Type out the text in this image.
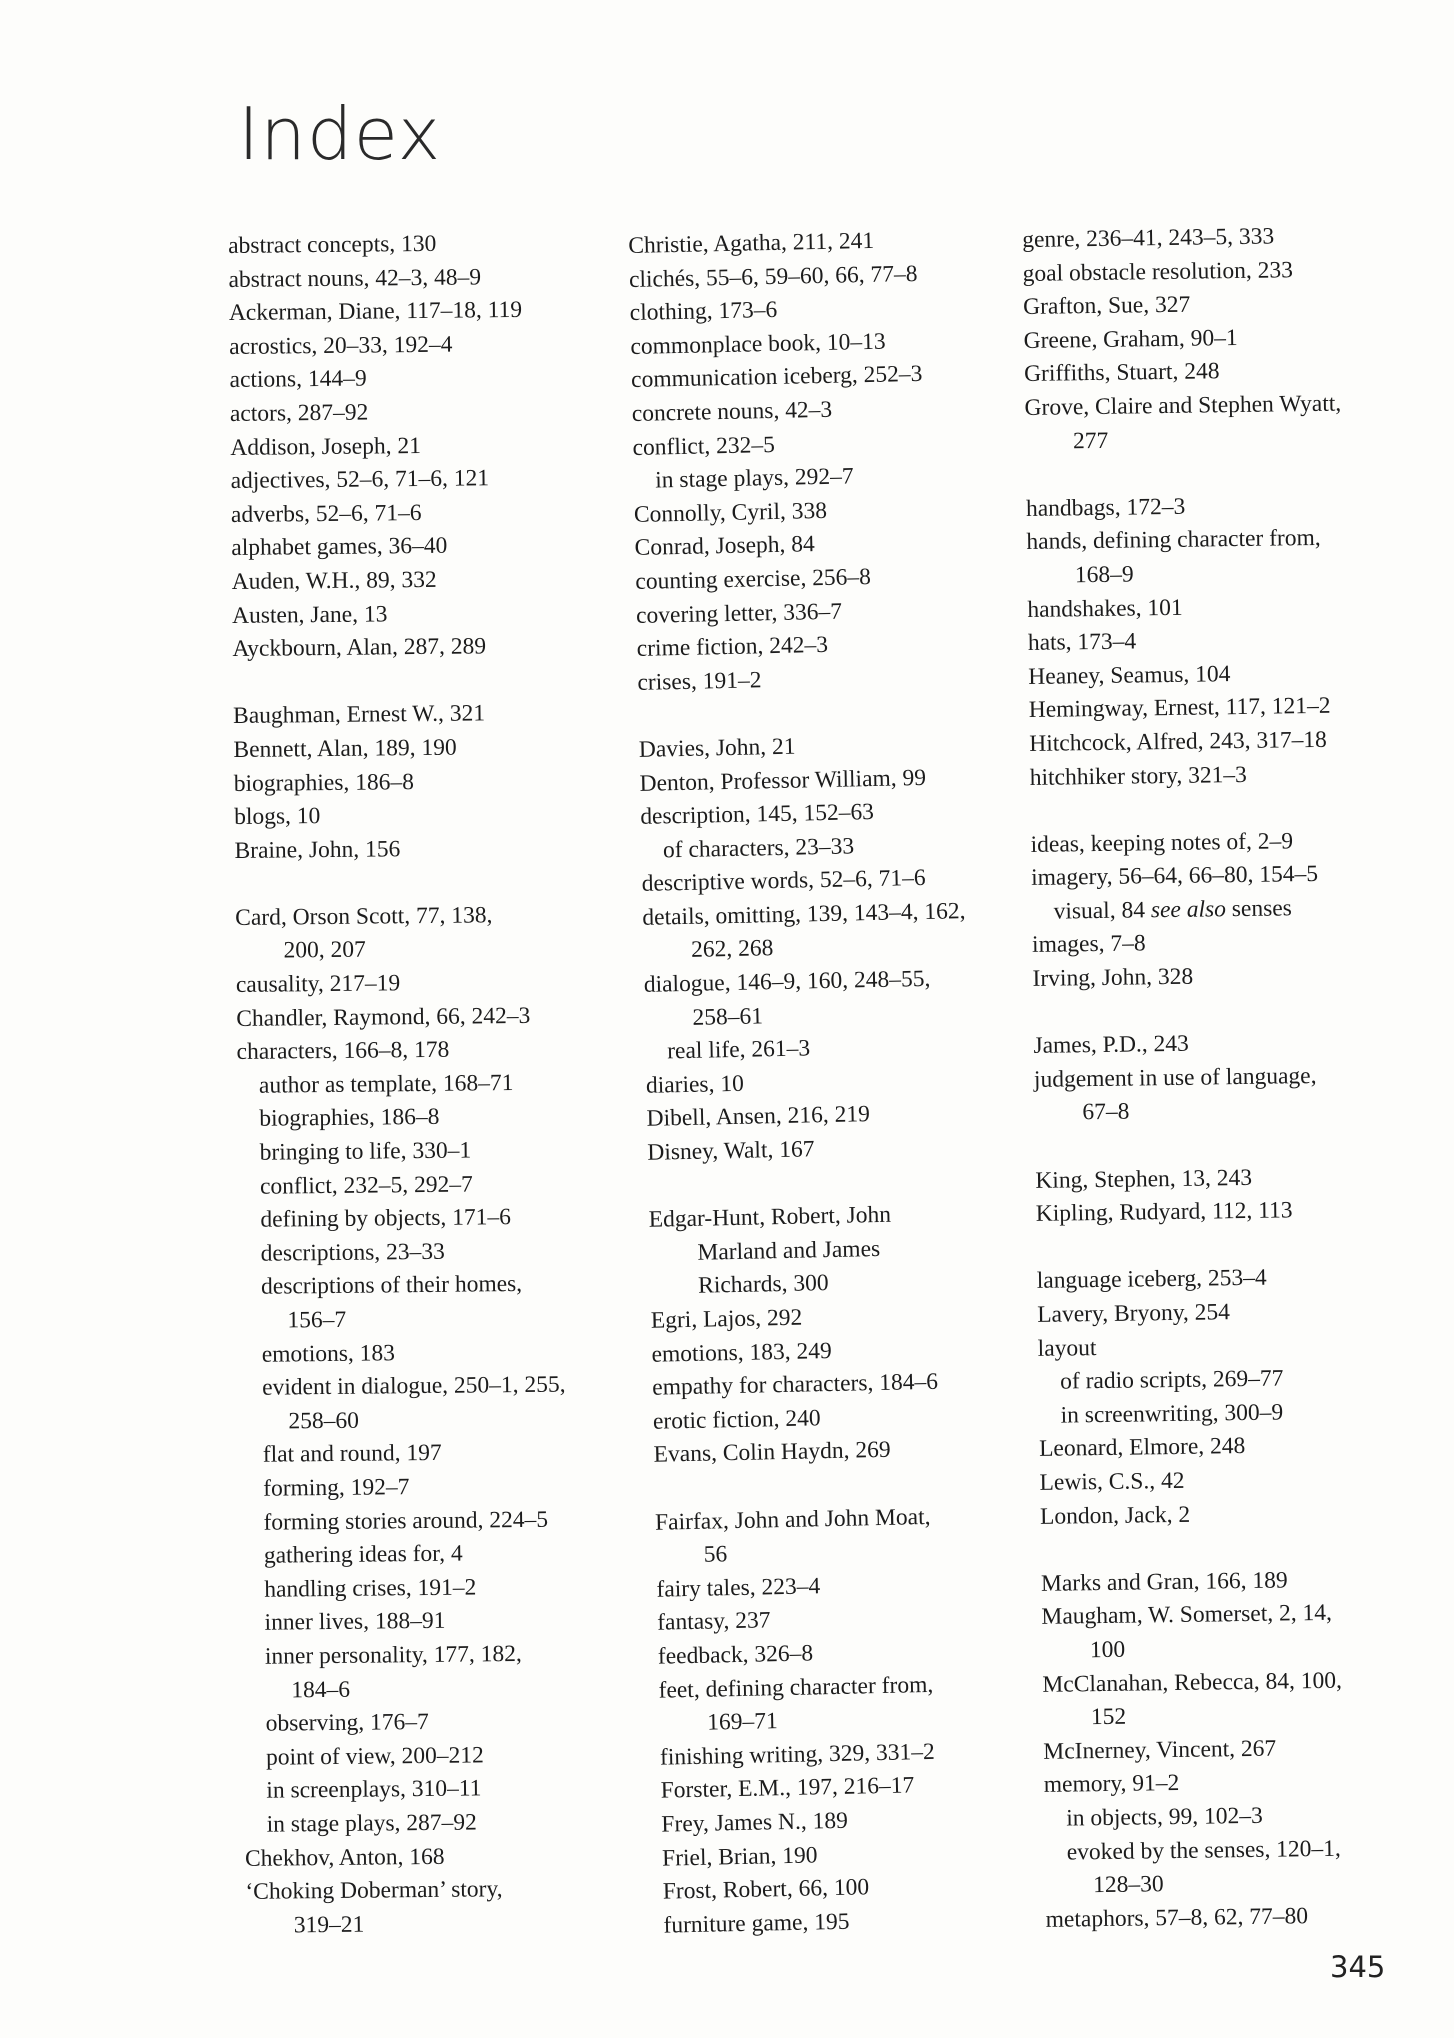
Index
abstract concepts, 130
abstract nouns, 42–3, 48–9
Ackerman, Diane, 117–18, 119
acrostics, 20–33, 192–4
actions, 144–9
actors, 287–92
Addison, Joseph, 21
adjectives, 52–6, 71–6, 121
adverbs, 52–6, 71–6
alphabet games, 36–40
Auden, W.H., 89, 332
Austen, Jane, 13
Ayckbourn, Alan, 287, 289
Baughman, Ernest W., 321
Bennett, Alan, 189, 190
biographies, 186–8
blogs, 10
Braine, John, 156
Card, Orson Scott, 77, 138,
200, 207
causality, 217–19
Chandler, Raymond, 66, 242–3
characters, 166–8, 178
author as template, 168–71
biographies, 186–8
bringing to life, 330–1
conflict, 232–5, 292–7
defining by objects, 171–6
descriptions, 23–33
descriptions of their homes,
156–7
emotions, 183
evident in dialogue, 250–1, 255,
258–60
flat and round, 197
forming, 192–7
forming stories around, 224–5
gathering ideas for, 4
handling crises, 191–2
inner lives, 188–91
inner personality, 177, 182,
184–6
observing, 176–7
point of view, 200–212
in screenplays, 310–11
in stage plays, 287–92
Chekhov, Anton, 168
‘Choking Doberman’ story,
319–21
Christie, Agatha, 211, 241
clichés, 55–6, 59–60, 66, 77–8
clothing, 173–6
commonplace book, 10–13
communication iceberg, 252–3
concrete nouns, 42–3
conflict, 232–5
in stage plays, 292–7
Connolly, Cyril, 338
Conrad, Joseph, 84
counting exercise, 256–8
covering letter, 336–7
crime fiction, 242–3
crises, 191–2
Davies, John, 21
Denton, Professor William, 99
description, 145, 152–63
of characters, 23–33
descriptive words, 52–6, 71–6
details, omitting, 139, 143–4, 162,
262, 268
dialogue, 146–9, 160, 248–55,
258–61
real life, 261–3
diaries, 10
Dibell, Ansen, 216, 219
Disney, Walt, 167
Edgar-Hunt, Robert, John
Marland and James
Richards, 300
Egri, Lajos, 292
emotions, 183, 249
empathy for characters, 184–6
erotic fiction, 240
Evans, Colin Haydn, 269
Fairfax, John and John Moat,
56
fairy tales, 223–4
fantasy, 237
feedback, 326–8
feet, defining character from,
169–71
finishing writing, 329, 331–2
Forster, E.M., 197, 216–17
Frey, James N., 189
Friel, Brian, 190
Frost, Robert, 66, 100
furniture game, 195
genre, 236–41, 243–5, 333
goal obstacle resolution, 233
Grafton, Sue, 327
Greene, Graham, 90–1
Griffiths, Stuart, 248
Grove, Claire and Stephen Wyatt,
277
handbags, 172–3
hands, defining character from,
168–9
handshakes, 101
hats, 173–4
Heaney, Seamus, 104
Hemingway, Ernest, 117, 121–2
Hitchcock, Alfred, 243, 317–18
hitchhiker story, 321–3
ideas, keeping notes of, 2–9
imagery, 56–64, 66–80, 154–5
visual, 84 see also senses
images, 7–8
Irving, John, 328
James, P.D., 243
judgement in use of language,
67–8
King, Stephen, 13, 243
Kipling, Rudyard, 112, 113
language iceberg, 253–4
Lavery, Bryony, 254
layout
of radio scripts, 269–77
in screenwriting, 300–9
Leonard, Elmore, 248
Lewis, C.S., 42
London, Jack, 2
Marks and Gran, 166, 189
Maugham, W. Somerset, 2, 14,
100
McClanahan, Rebecca, 84, 100,
152
McInerney, Vincent, 267
memory, 91–2
in objects, 99, 102–3
evoked by the senses, 120–1,
128–30
metaphors, 57–8, 62, 77–80
345
